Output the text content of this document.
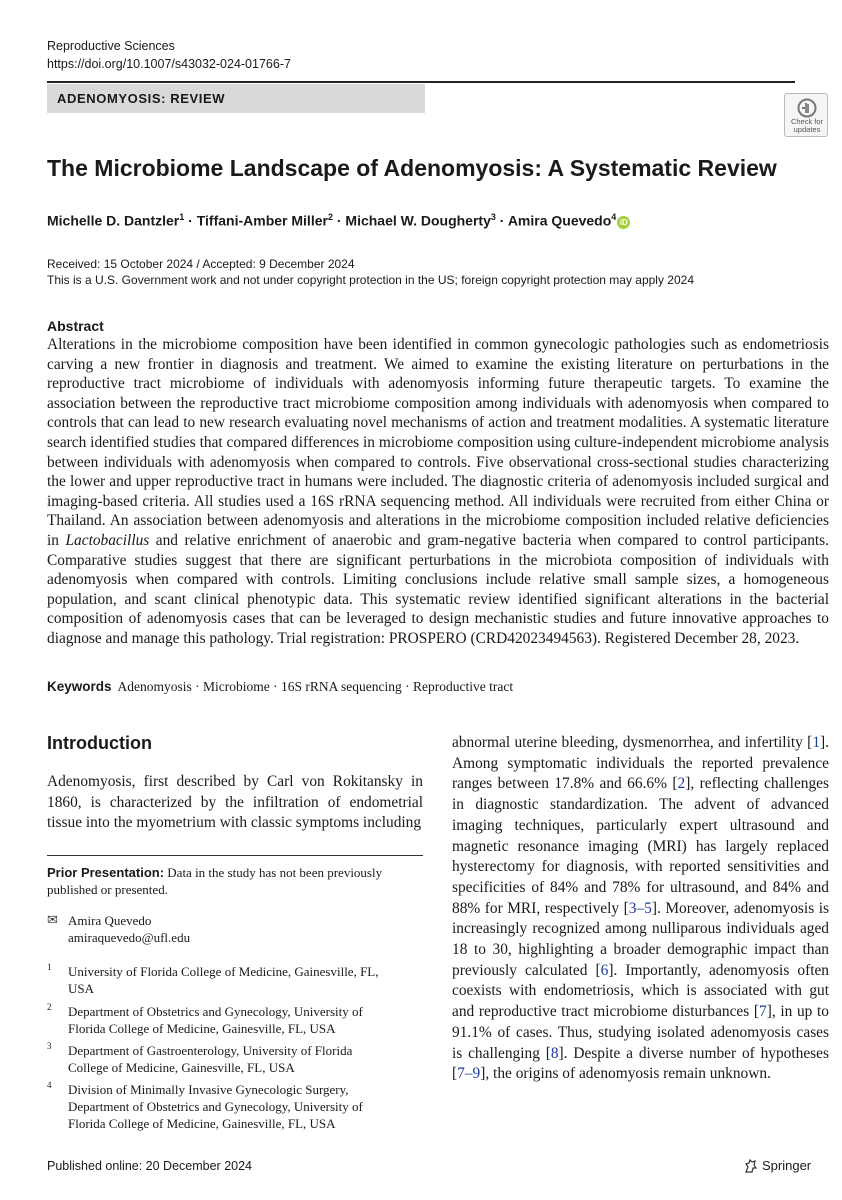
Reproductive Sciences
https://doi.org/10.1007/s43032-024-01766-7
ADENOMYOSIS: REVIEW
Check for updates
The Microbiome Landscape of Adenomyosis: A Systematic Review
Michelle D. Dantzler$^1$ · Tiffani-Amber Miller$^2$ · Michael W. Dougherty$^3$ · Amira Quevedo$^4$iD
Received: 15 October 2024 / Accepted: 9 December 2024
This is a U.S. Government work and not under copyright protection in the US; foreign copyright protection may apply 2024
Abstract

Alterations in the microbiome composition have been identified in common gynecologic pathologies such as endometriosis carving a new frontier in diagnosis and treatment. We aimed to examine the existing literature on perturbations in the reproductive tract microbiome of individuals with adenomyosis informing future therapeutic targets. To examine the association between the reproductive tract microbiome composition among individuals with adenomyosis when compared to controls that can lead to new research evaluating novel mechanisms of action and treatment modalities. A systematic literature search identified studies that compared differences in microbiome composition using culture-independent microbiome analysis between individuals with adenomyosis when compared to controls. Five observational cross-sectional studies characterizing the lower and upper reproductive tract in humans were included. The diagnostic criteria of adenomyosis included surgical and imaging-based criteria. All studies used a 16S rRNA sequencing method. All individuals were recruited from either China or Thailand. An association between adenomyosis and alterations in the microbiome composition included relative deficiencies in Lactobacillus and relative enrichment of anaerobic and gram-negative bacteria when compared to control participants. Comparative studies suggest that there are significant perturbations in the microbiota composition of individuals with adenomyosis when compared with controls. Limiting conclusions include relative small sample sizes, a homogeneous population, and scant clinical phenotypic data. This systematic review identified significant alterations in the bacterial composition of adenomyosis cases that can be leveraged to design mechanistic studies and future innovative approaches to diagnose and manage this pathology. Trial registration: PROSPERO (CRD42023494563). Registered December 28, 2023.

Keywords Adenomyosis · Microbiome · 16S rRNA sequencing · Reproductive tract
Introduction

Adenomyosis, first described by Carl von Rokitansky in 1860, is characterized by the infiltration of endometrial tissue into the myometrium with classic symptoms including

abnormal uterine bleeding, dysmenorrhea, and infertility [1]. Among symptomatic individuals the reported prevalence ranges between 17.8% and 66.6% [2], reflecting challenges in diagnostic standardization. The advent of advanced imaging techniques, particularly expert ultrasound and magnetic resonance imaging (MRI) has largely replaced hysterectomy for diagnosis, with reported sensitivities and specificities of 84% and 78% for ultrasound, and 84% and 88% for MRI, respectively [3–5]. Moreover, adenomyosis is increasingly recognized among nulliparous individuals aged 18 to 30, highlighting a broader demographic impact than previously calculated [6]. Importantly, adenomyosis often coexists with endometriosis, which is associated with gut and reproductive tract microbiome disturbances [7], in up to 91.1% of cases. Thus, studying isolated adenomyosis cases is challenging [8]. Despite a diverse number of hypotheses [7–9], the origins of adenomyosis remain unknown.

Prior Presentation: Data in the study has not been previously published or presented.

✉ Amira Quevedo
amiraquevedo@ufl.edu
1 University of Florida College of Medicine, Gainesville, FL, USA
2 Department of Obstetrics and Gynecology, University of Florida College of Medicine, Gainesville, FL, USA
3 Department of Gastroenterology, University of Florida College of Medicine, Gainesville, FL, USA
4 Division of Minimally Invasive Gynecologic Surgery, Department of Obstetrics and Gynecology, University of Florida College of Medicine, Gainesville, FL, USA
Published online: 20 December 2024	Springer
